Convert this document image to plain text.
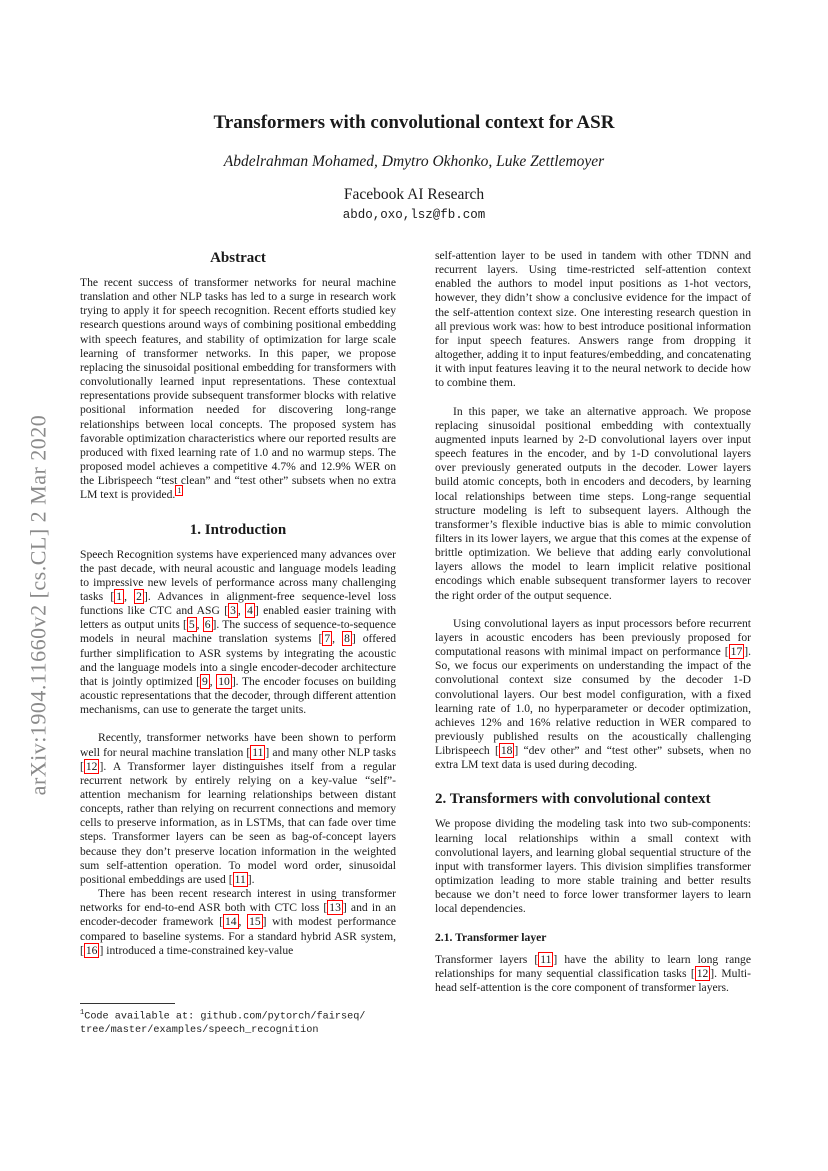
arXiv:1904.11660v2 [cs.CL] 2 Mar 2020
Transformers with convolutional context for ASR
Abdelrahman Mohamed, Dmytro Okhonko, Luke Zettlemoyer
Facebook AI Research
abdo,oxo,lsz@fb.com
Abstract

The recent success of transformer networks for neural machine translation and other NLP tasks has led to a surge in research work trying to apply it for speech recognition. Recent efforts studied key research questions around ways of combining positional embedding with speech features, and stability of optimization for large scale learning of transformer networks. In this paper, we propose replacing the sinusoidal positional embedding for transformers with convolutionally learned input representations. These contextual representations provide subsequent transformer blocks with relative positional information needed for discovering long-range relationships between local concepts. The proposed system has favorable optimization characteristics where our reported results are produced with fixed learning rate of 1.0 and no warmup steps. The proposed model achieves a competitive 4.7% and 12.9% WER on the Librispeech “test clean” and “test other” subsets when no extra LM text is provided. $^1$

1. Introduction

Speech Recognition systems have experienced many advances over the past decade, with neural acoustic and language models leading to impressive new levels of performance across many challenging tasks [ 1 , 2 ]. Advances in alignment-free sequence-level loss functions like CTC and ASG [ 3 , 4 ] enabled easier training with letters as output units [ 5 , 6 ]. The success of sequence-to-sequence models in neural machine translation systems [ 7 , 8 ] offered further simplification to ASR systems by integrating the acoustic and the language models into a single encoder-decoder architecture that is jointly optimized [ 9 , 10 ]. The encoder focuses on building acoustic representations that the decoder, through different attention mechanisms, can use to generate the target units.

Recently, transformer networks have been shown to perform well for neural machine translation [ 11 ] and many other NLP tasks [ 12 ]. A Transformer layer distinguishes itself from a regular recurrent network by entirely relying on a key-value “self”-attention mechanism for learning relationships between distant concepts, rather than relying on recurrent connections and memory cells to preserve information, as in LSTMs, that can fade over time steps. Transformer layers can be seen as bag-of-concept layers because they don’t preserve location information in the weighted sum self-attention operation. To model word order, sinusoidal positional embeddings are used [ 11 ].

There has been recent research interest in using transformer networks for end-to-end ASR both with CTC loss [ 13 ] and in an encoder-decoder framework [ 14 , 15 ] with modest performance compared to baseline systems. For a standard hybrid ASR system, [ 16 ] introduced a time-constrained key-value

self-attention layer to be used in tandem with other TDNN and recurrent layers. Using time-restricted self-attention context enabled the authors to model input positions as 1-hot vectors, however, they didn’t show a conclusive evidence for the impact of the self-attention context size. One interesting research question in all previous work was: how to best introduce positional information for input speech features. Answers range from dropping it altogether, adding it to input features/embedding, and concatenating it with input features leaving it to the neural network to decide how to combine them.

In this paper, we take an alternative approach. We propose replacing sinusoidal positional embedding with contextually augmented inputs learned by 2-D convolutional layers over input speech features in the encoder, and by 1-D convolutional layers over previously generated outputs in the decoder. Lower layers build atomic concepts, both in encoders and decoders, by learning local relationships between time steps. Long-range sequential structure modeling is left to subsequent layers. Although the transformer’s flexible inductive bias is able to mimic convolution filters in its lower layers, we argue that this comes at the expense of brittle optimization. We believe that adding early convolutional layers allows the model to learn implicit relative positional encodings which enable subsequent transformer layers to recover the right order of the output sequence.

Using convolutional layers as input processors before recurrent layers in acoustic encoders has been previously proposed for computational reasons with minimal impact on performance [ 17 ]. So, we focus our experiments on understanding the impact of the convolutional context size consumed by the decoder 1-D convolutional layers. Our best model configuration, with a fixed learning rate of 1.0, no hyperparameter or decoder optimization, achieves 12% and 16% relative reduction in WER compared to previously published results on the acoustically challenging Librispeech [ 18 ] “dev other” and “test other” subsets, when no extra LM text data is used during decoding.

2. Transformers with convolutional context

We propose dividing the modeling task into two sub-components: learning local relationships within a small context with convolutional layers, and learning global sequential structure of the input with transformer layers. This division simplifies transformer optimization leading to more stable training and better results because we don’t need to force lower transformer layers to learn local dependencies.

2.1. Transformer layer

Transformer layers [ 11 ] have the ability to learn long range relationships for many sequential classification tasks [ 12 ]. Multi-head self-attention is the core component of transformer layers.

$^1$Code available at: github.com/pytorch/fairseq/
tree/master/examples/speech_recognition
